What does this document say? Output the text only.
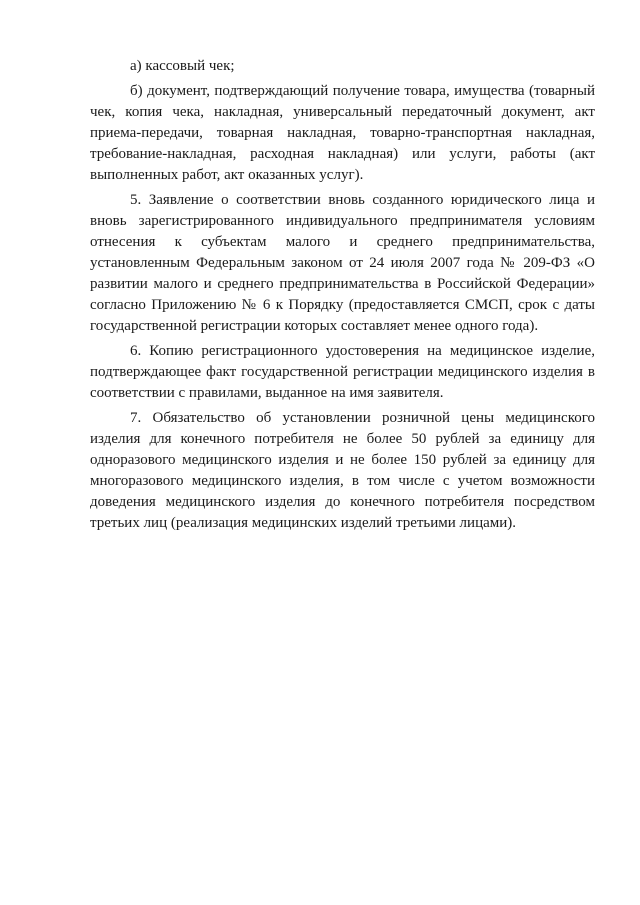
а) кассовый чек;

б) документ, подтверждающий получение товара, имущества (товарный чек, копия чека, накладная, универсальный передаточный документ, акт приема-передачи, товарная накладная, товарно-транспортная накладная, требование-накладная, расходная накладная) или услуги, работы (акт выполненных работ, акт оказанных услуг).

5. Заявление о соответствии вновь созданного юридического лица и вновь зарегистрированного индивидуального предпринимателя условиям отнесения к субъектам малого и среднего предпринимательства, установленным Федеральным законом от 24 июля 2007 года № 209-ФЗ «О развитии малого и среднего предпринимательства в Российской Федерации» согласно Приложению № 6 к Порядку (предоставляется СМСП, срок с даты государственной регистрации которых составляет менее одного года).

6. Копию регистрационного удостоверения на медицинское изделие, подтверждающее факт государственной регистрации медицинского изделия в соответствии с правилами, выданное на имя заявителя.

7. Обязательство об установлении розничной цены медицинского изделия для конечного потребителя не более 50 рублей за единицу для одноразового медицинского изделия и не более 150 рублей за единицу для многоразового медицинского изделия, в том числе с учетом возможности доведения медицинского изделия до конечного потребителя посредством третьих лиц (реализация медицинских изделий третьими лицами).
